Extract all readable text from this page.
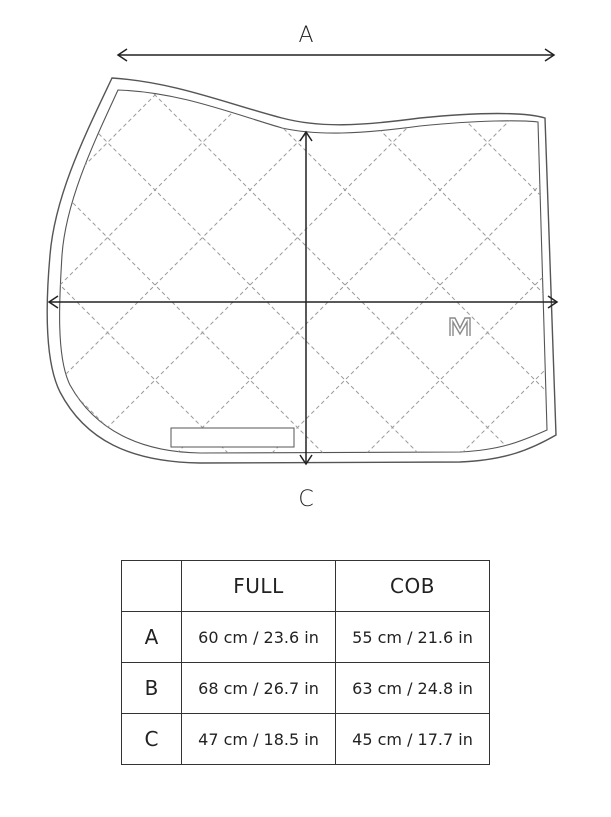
A
C
	FULL	COB
A	60 cm / 23.6 in	55 cm / 21.6 in
B	68 cm / 26.7 in	63 cm / 24.8 in
C	47 cm / 18.5 in	45 cm / 17.7 in
